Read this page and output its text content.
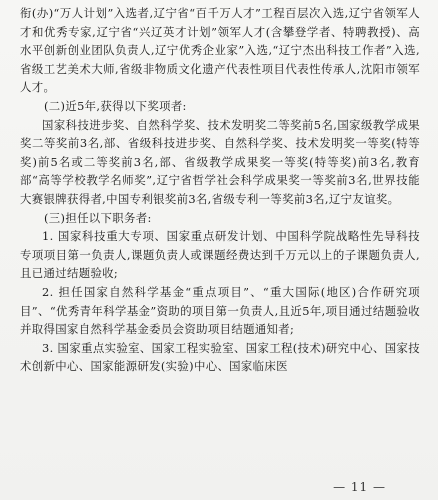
衔(办)“万人计划”入选者,辽宁省“百千万人才”工程百层次入选,辽宁省领军人才和优秀专家,辽宁省“兴辽英才计划”领军人才(含攀登学者、特聘教授)、高水平创新创业团队负责人,辽宁优秀企业家”入选,“辽宁杰出科技工作者”入选,省级工艺美术大师,省级非物质文化遗产代表性项目代表性传承人,沈阳市领军人才。

(二)近5年,获得以下奖项者:

国家科技进步奖、自然科学奖、技术发明奖二等奖前5名,国家级教学成果奖二等奖前3名,部、省级科技进步奖、自然科学奖、技术发明奖一等奖(特等奖)前5名或二等奖前3名,部、省级教学成果奖一等奖(特等奖)前3名,教育部“高等学校教学名师奖”,辽宁省哲学社会科学成果奖一等奖前3名,世界技能大赛银牌获得者,中国专利银奖前3名,省级专利一等奖前3名,辽宁友谊奖。

(三)担任以下职务者:

1. 国家科技重大专项、国家重点研发计划、中国科学院战略性先导科技专项项目第一负责人,课题负责人或课题经费达到千万元以上的子课题负责人,且已通过结题验收;

2. 担任国家自然科学基金“重点项目”、“重大国际(地区)合作研究项目”、“优秀青年科学基金”资助的项目第一负责人,且近5年,项目通过结题验收并取得国家自然科学基金委员会资助项目结题通知者;

3. 国家重点实验室、国家工程实验室、国家工程(技术)研究中心、国家技术创新中心、国家能源研发(实验)中心、国家临床医

— 11 —
